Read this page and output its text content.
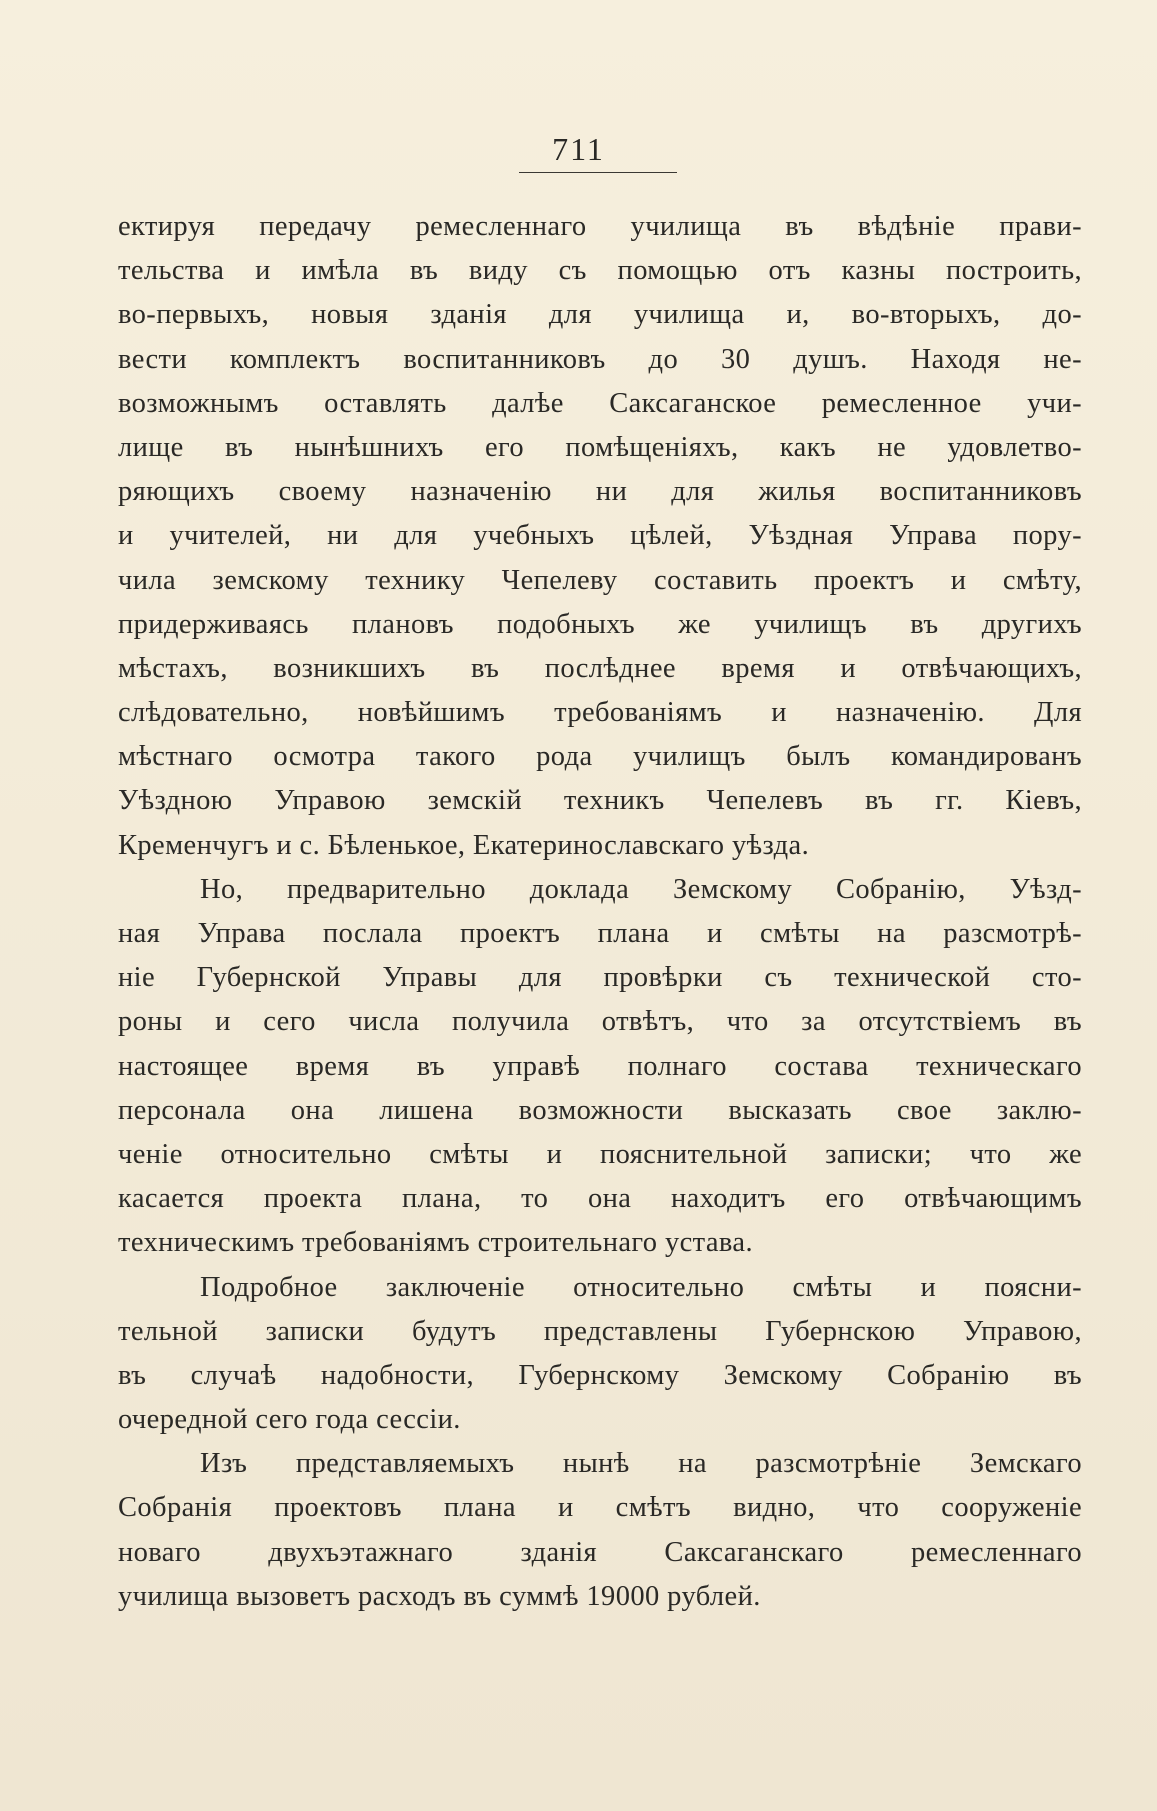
711
ектируя передачу ремесленнаго училища въ вѣдѣніе прави-
тельства и имѣла въ виду съ помощью отъ казны построить,
во-первыхъ, новыя зданія для училища и, во-вторыхъ, до-
вести комплектъ воспитанниковъ до 30 душъ. Находя не-
возможнымъ оставлять далѣе Саксаганское ремесленное учи-
лище въ нынѣшнихъ его помѣщеніяхъ, какъ не удовлетво-
ряющихъ своему назначенію ни для жилья воспитанниковъ
и учителей, ни для учебныхъ цѣлей, Уѣздная Управа пору-
чила земскому технику Чепелеву составить проектъ и смѣту,
придерживаясь плановъ подобныхъ же училищъ въ другихъ
мѣстахъ, возникшихъ въ послѣднее время и отвѣчающихъ,
слѣдовательно, новѣйшимъ требованіямъ и назначенію. Для
мѣстнаго осмотра такого рода училищъ былъ командированъ
Уѣздною Управою земскій техникъ Чепелевъ въ гг. Кіевъ,
Кременчугъ и с. Бѣленькое, Екатеринославскаго уѣзда.
Но, предварительно доклада Земскому Собранію, Уѣзд-
ная Управа послала проектъ плана и смѣты на разсмотрѣ-
ніе Губернской Управы для провѣрки съ технической сто-
роны и сего числа получила отвѣтъ, что за отсутствіемъ въ
настоящее время въ управѣ полнаго состава техническаго
персонала она лишена возможности высказать свое заклю-
ченіе относительно смѣты и пояснительной записки; что же
касается проекта плана, то она находитъ его отвѣчающимъ
техническимъ требованіямъ строительнаго устава.
Подробное заключеніе относительно смѣты и поясни-
тельной записки будутъ представлены Губернскою Управою,
въ случаѣ надобности, Губернскому Земскому Собранію въ
очередной сего года сессіи.
Изъ представляемыхъ нынѣ на разсмотрѣніе Земскаго
Собранія проектовъ плана и смѣтъ видно, что сооруженіе
новаго двухъэтажнаго зданія Саксаганскаго ремесленнаго
училища вызоветъ расходъ въ суммѣ 19000 рублей.
